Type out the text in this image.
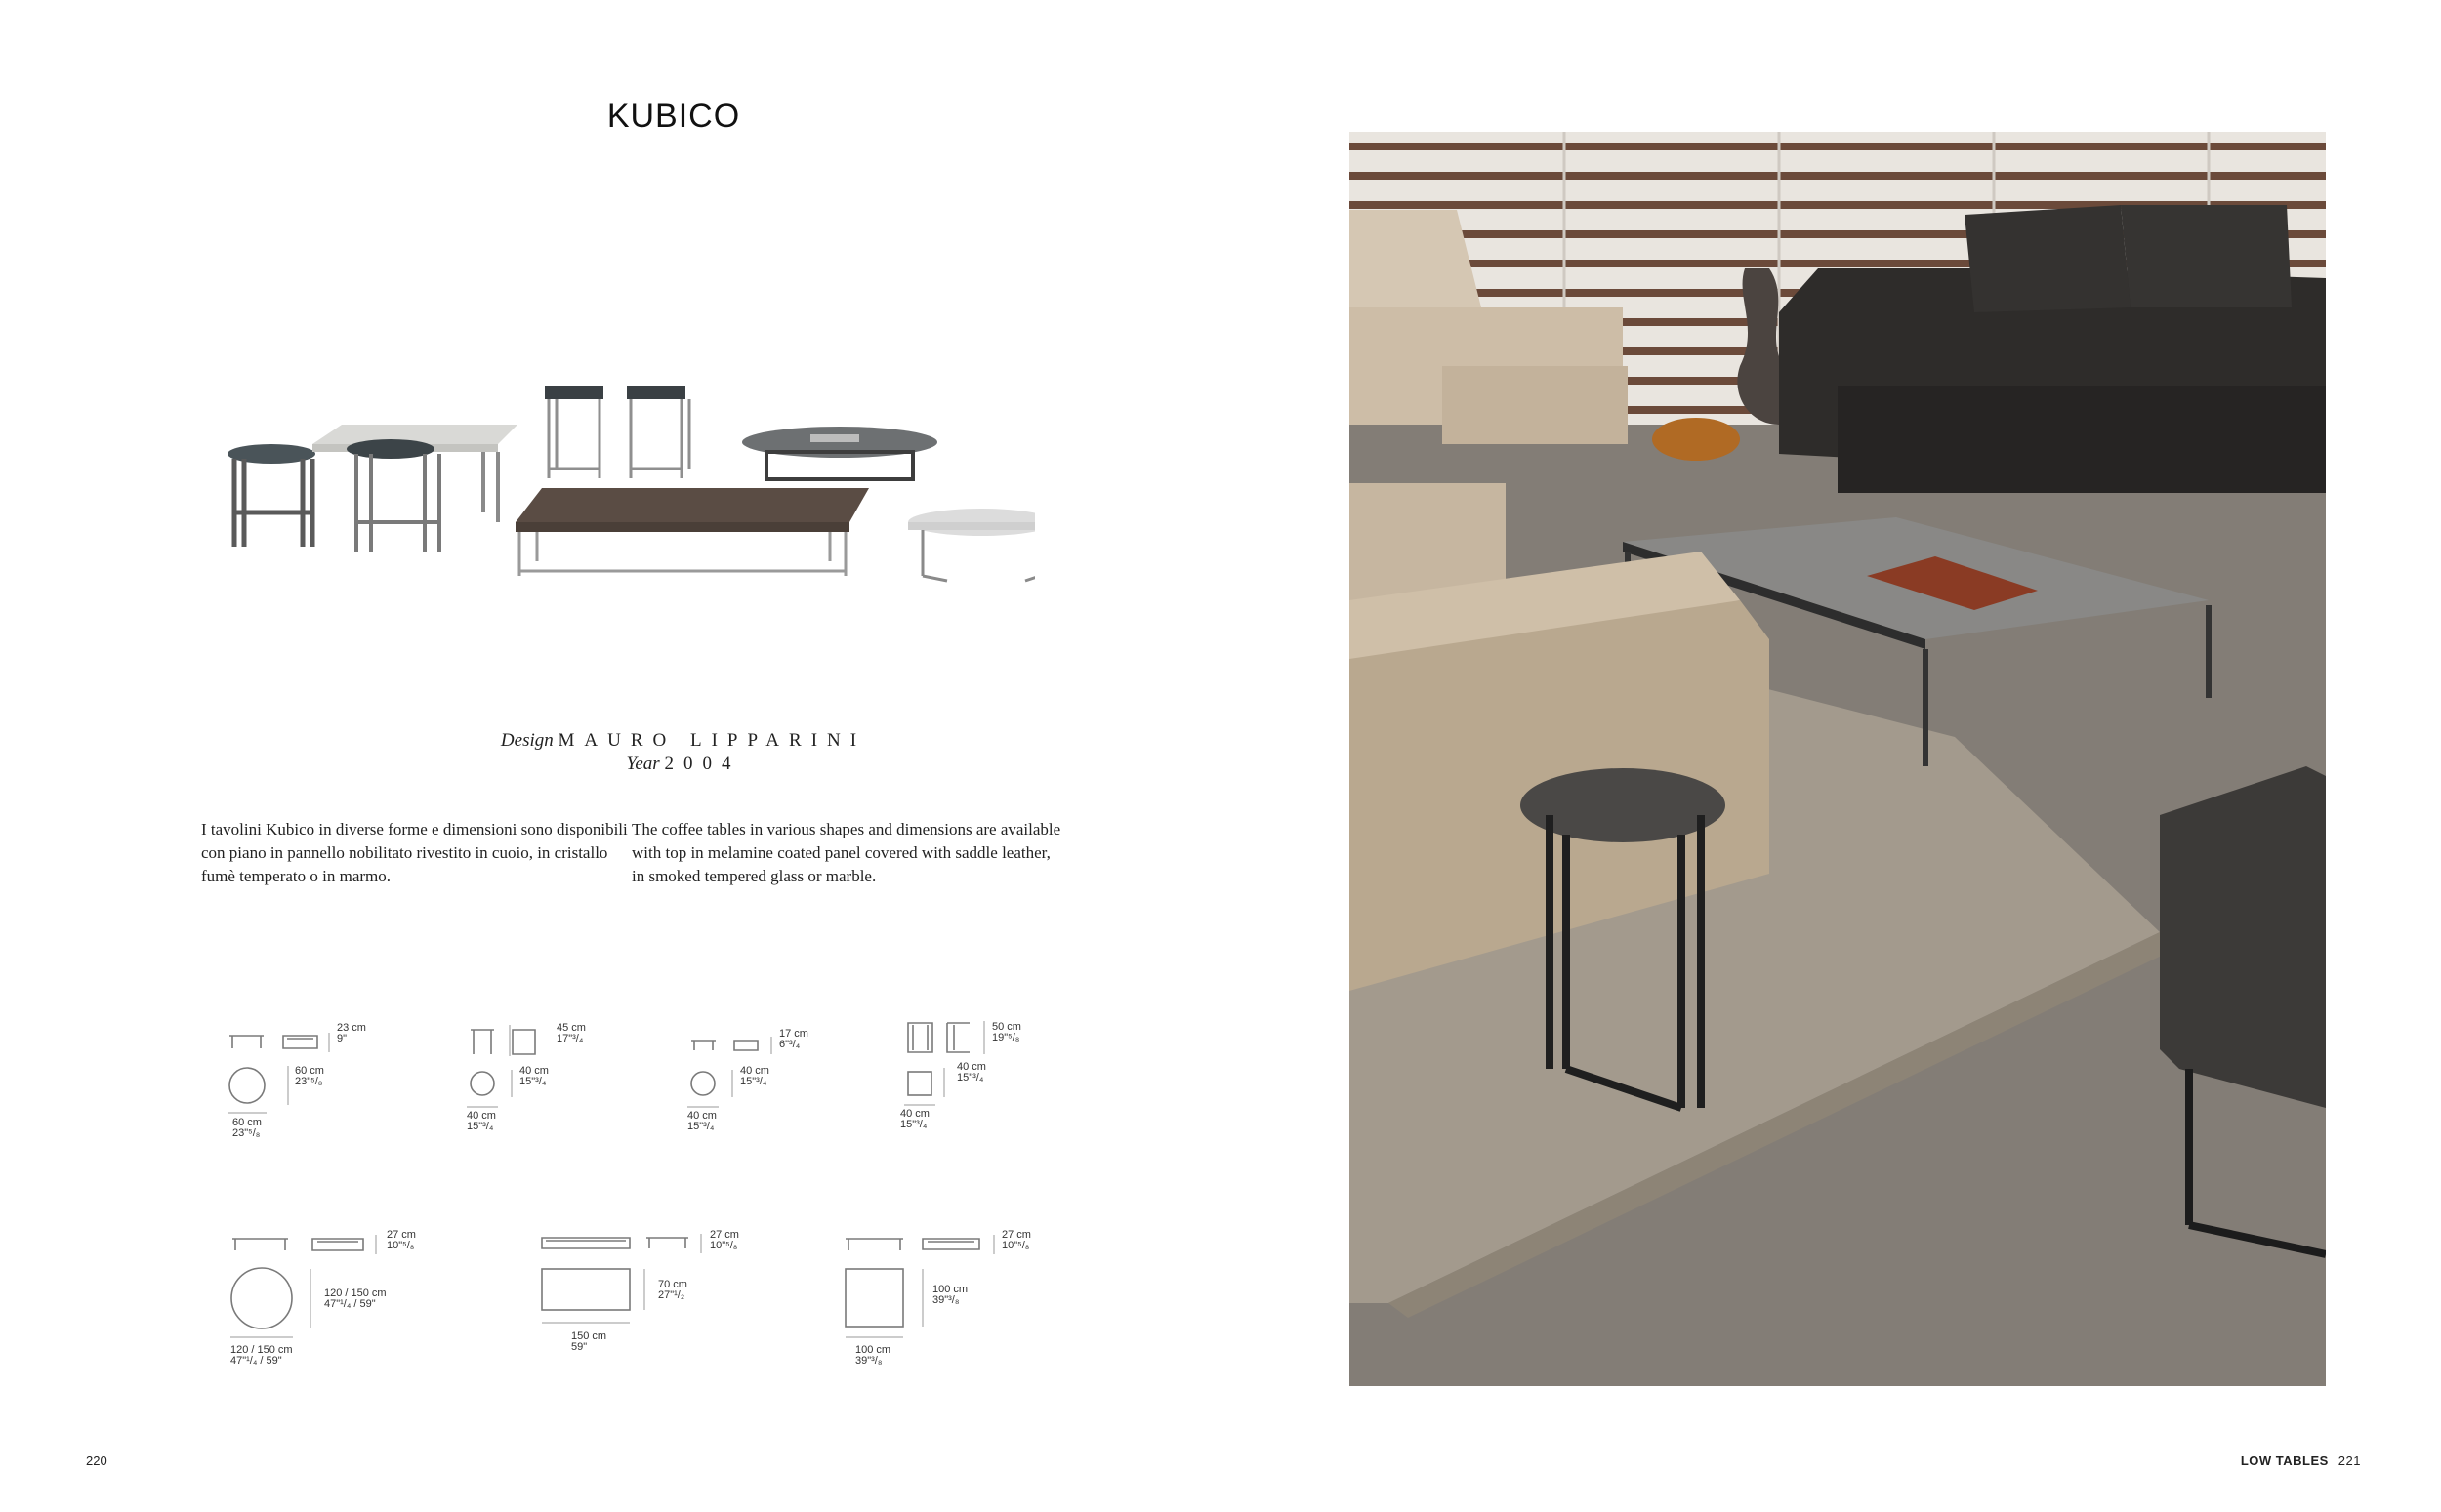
KUBICO
Design MAURO LIPPARINI
Year 2004
I tavolini Kubico in diverse forme e dimensioni sono disponibili con piano in pannello nobilitato rivestito in cuoio, in cristallo fumè temperato o in marmo.
The coffee tables in various shapes and dimensions are available with top in melamine coated panel covered with saddle leather, in smoked tempered glass or marble.
23 cm
9"
60 cm
23"⁵/₈
60 cm
23"⁵/₈
45 cm
17"³/₄
40 cm
15"³/₄
40 cm
15"³/₄
17 cm
6"³/₄
40 cm
15"³/₄
40 cm
15"³/₄
50 cm
19"⁵/₈
40 cm
15"³/₄
40 cm
15"³/₄
27 cm
10"⁵/₈
120 / 150 cm
47"¹/₄ / 59"
120 / 150 cm
47"¹/₄ / 59"
27 cm
10"⁵/₈
70 cm
27"¹/₂
150 cm
59"
27 cm
10"⁵/₈
100 cm
39"³/₈
100 cm
39"³/₈
220	LOW TABLES 221
